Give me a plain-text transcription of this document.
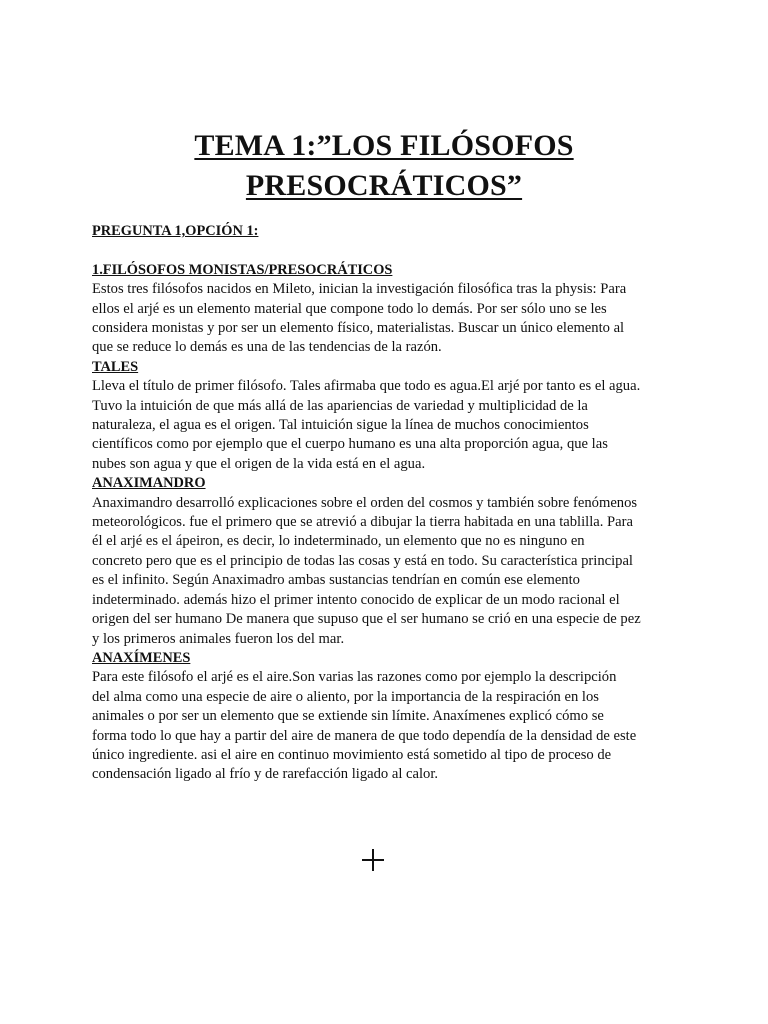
TEMA 1:”LOS FILÓSOFOS
PRESOCRÁTICOS”

PREGUNTA 1,OPCIÓN 1:

1.FILÓSOFOS MONISTAS/PRESOCRÁTICOS

Estos tres filósofos nacidos en Mileto, inician la investigación filosófica tras la physis: Para
ellos el arjé es un elemento material que compone todo lo demás. Por ser sólo uno se les
considera monistas y por ser un elemento físico, materialistas. Buscar un único elemento al
que se reduce lo demás es una de las tendencias de la razón.

TALES

Lleva el título de primer filósofo. Tales afirmaba que todo es agua.El arjé por tanto es el agua.
Tuvo la intuición de que más allá de las apariencias de variedad y multiplicidad de la
naturaleza, el agua es el origen. Tal intuición sigue la línea de muchos conocimientos
científicos como por ejemplo que el cuerpo humano es una alta proporción agua, que las
nubes son agua y que el origen de la vida está en el agua.

ANAXIMANDRO

Anaximandro desarrolló explicaciones sobre el orden del cosmos y también sobre fenómenos
meteorológicos. fue el primero que se atrevió a dibujar la tierra habitada en una tablilla. Para
él el arjé es el ápeiron, es decir, lo indeterminado, un elemento que no es ninguno en
concreto pero que es el principio de todas las cosas y está en todo. Su característica principal
es el infinito. Según Anaximadro ambas sustancias tendrían en común ese elemento
indeterminado. además hizo el primer intento conocido de explicar de un modo racional el
origen del ser humano De manera que supuso que el ser humano se crió en una especie de pez
y los primeros animales fueron los del mar.

ANAXÍMENES

Para este filósofo el arjé es el aire.Son varias las razones como por ejemplo la descripción
del alma como una especie de aire o aliento, por la importancia de la respiración en los
animales o por ser un elemento que se extiende sin límite. Anaxímenes explicó cómo se
forma todo lo que hay a partir del aire de manera de que todo dependía de la densidad de este
único ingrediente. asi el aire en continuo movimiento está sometido al tipo de proceso de
condensación ligado al frío y de rarefacción ligado al calor.
